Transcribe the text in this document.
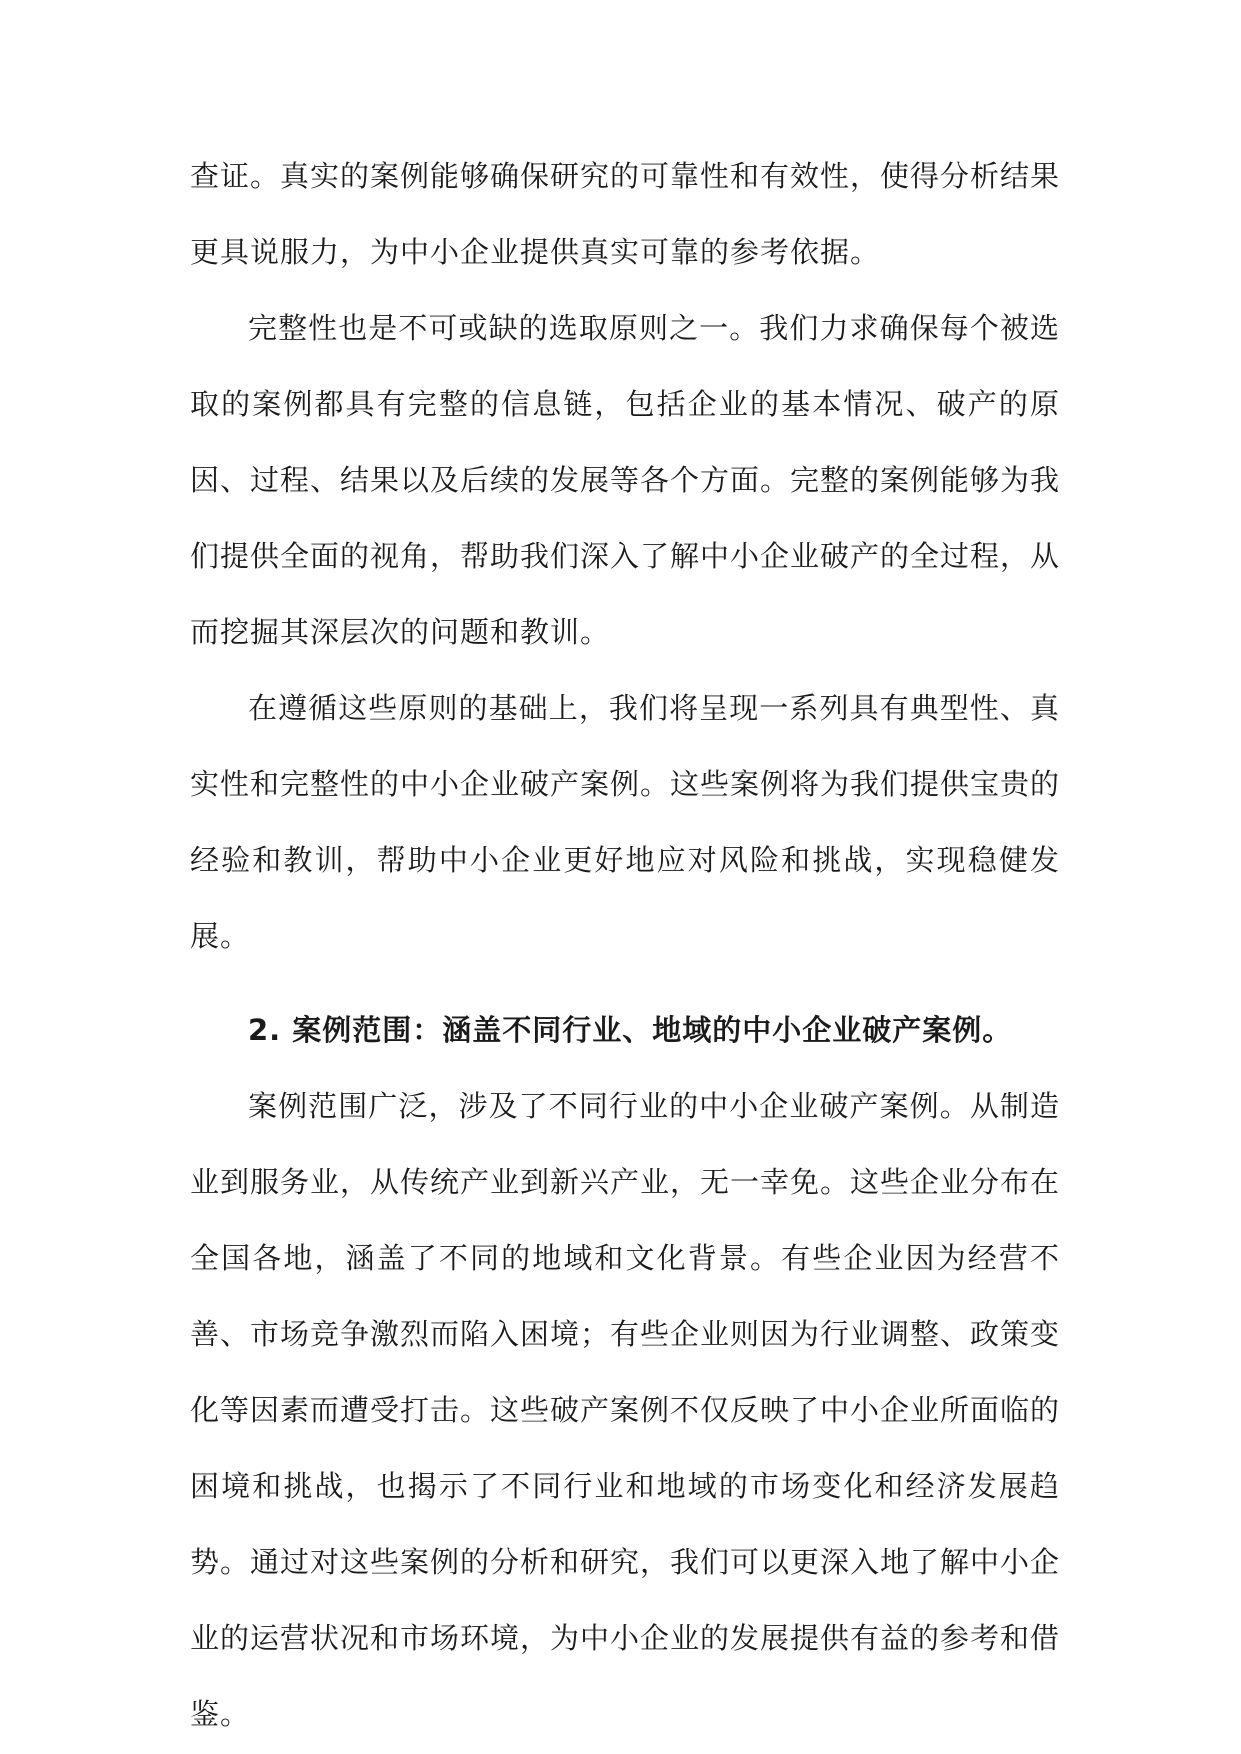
查证。真实的案例能够确保研究的可靠性和有效性，使得分析结果更具说服力，为中小企业提供真实可靠的参考依据。

完整性也是不可或缺的选取原则之一。我们力求确保每个被选取的案例都具有完整的信息链，包括企业的基本情况、破产的原因、过程、结果以及后续的发展等各个方面。完整的案例能够为我们提供全面的视角，帮助我们深入了解中小企业破产的全过程，从而挖掘其深层次的问题和教训。

在遵循这些原则的基础上，我们将呈现一系列具有典型性、真实性和完整性的中小企业破产案例。这些案例将为我们提供宝贵的经验和教训，帮助中小企业更好地应对风险和挑战，实现稳健发展。

2. 案例范围：涵盖不同行业、地域的中小企业破产案例。

案例范围广泛，涉及了不同行业的中小企业破产案例。从制造业到服务业，从传统产业到新兴产业，无一幸免。这些企业分布在全国各地，涵盖了不同的地域和文化背景。有些企业因为经营不善、市场竞争激烈而陷入困境；有些企业则因为行业调整、政策变化等因素而遭受打击。这些破产案例不仅反映了中小企业所面临的困境和挑战，也揭示了不同行业和地域的市场变化和经济发展趋势。通过对这些案例的分析和研究，我们可以更深入地了解中小企业的运营状况和市场环境，为中小企业的发展提供有益的参考和借鉴。
